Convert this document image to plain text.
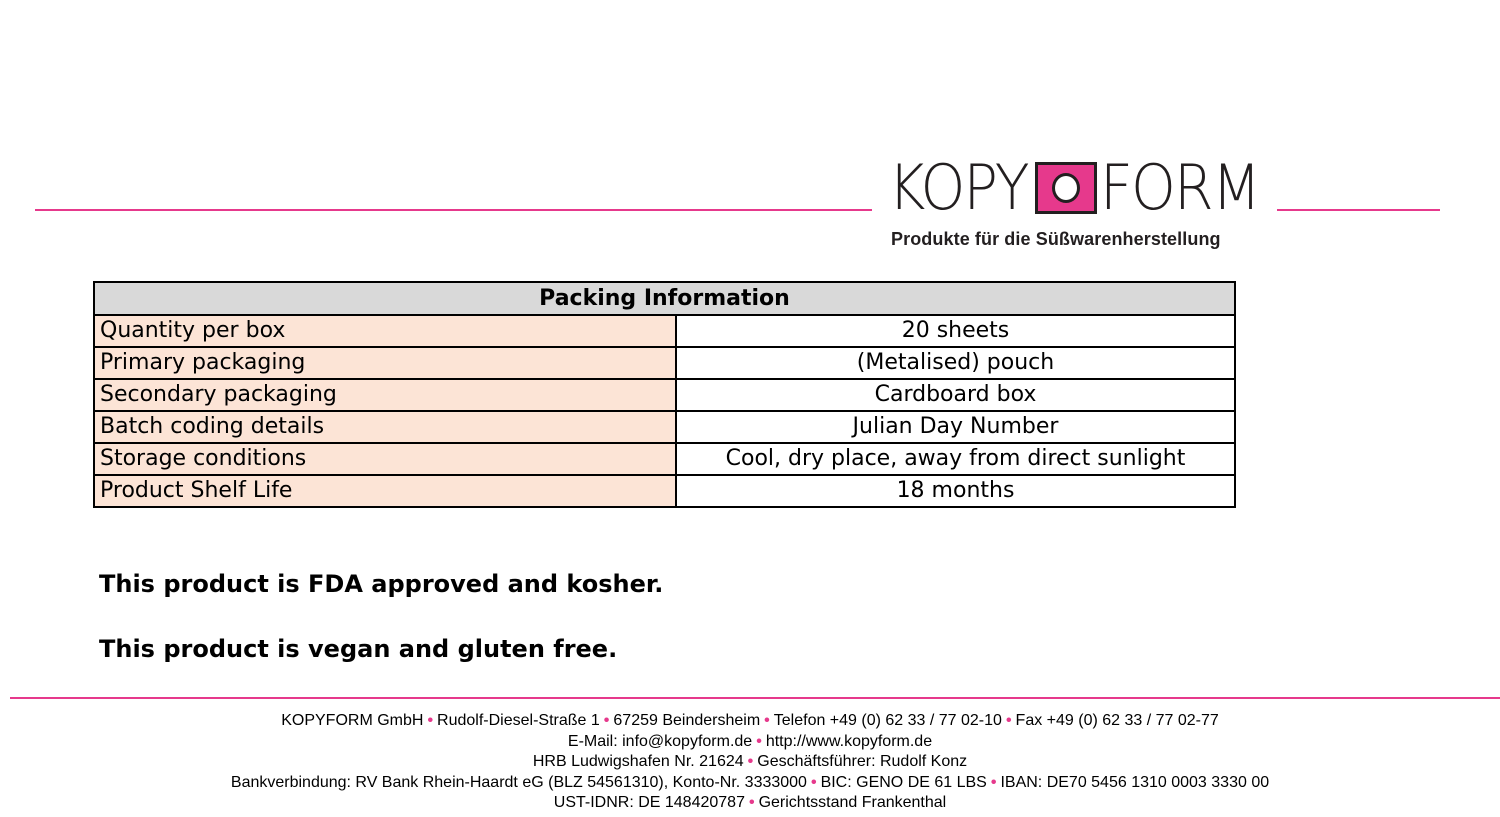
KOPY FORM
Produkte für die Süßwarenherstellung
Packing Information	
Quantity per box	20 sheets
Primary packaging	(Metalised) pouch
Secondary packaging	Cardboard box
Batch coding details	Julian Day Number
Storage conditions	Cool, dry place, away from direct sunlight
Product Shelf Life	18 months
This product is FDA approved and kosher.
This product is vegan and gluten free.
KOPYFORM GmbH • Rudolf-Diesel-Straße 1 • 67259 Beindersheim • Telefon +49 (0) 62 33 / 77 02-10 • Fax +49 (0) 62 33 / 77 02-77
E-Mail: info@kopyform.de • http://www.kopyform.de
HRB Ludwigshafen Nr. 21624 • Geschäftsführer: Rudolf Konz
Bankverbindung: RV Bank Rhein-Haardt eG (BLZ 54561310), Konto-Nr. 3333000 • BIC: GENO DE 61 LBS • IBAN: DE70 5456 1310 0003 3330 00
UST-IDNR: DE 148420787 • Gerichtsstand Frankenthal
